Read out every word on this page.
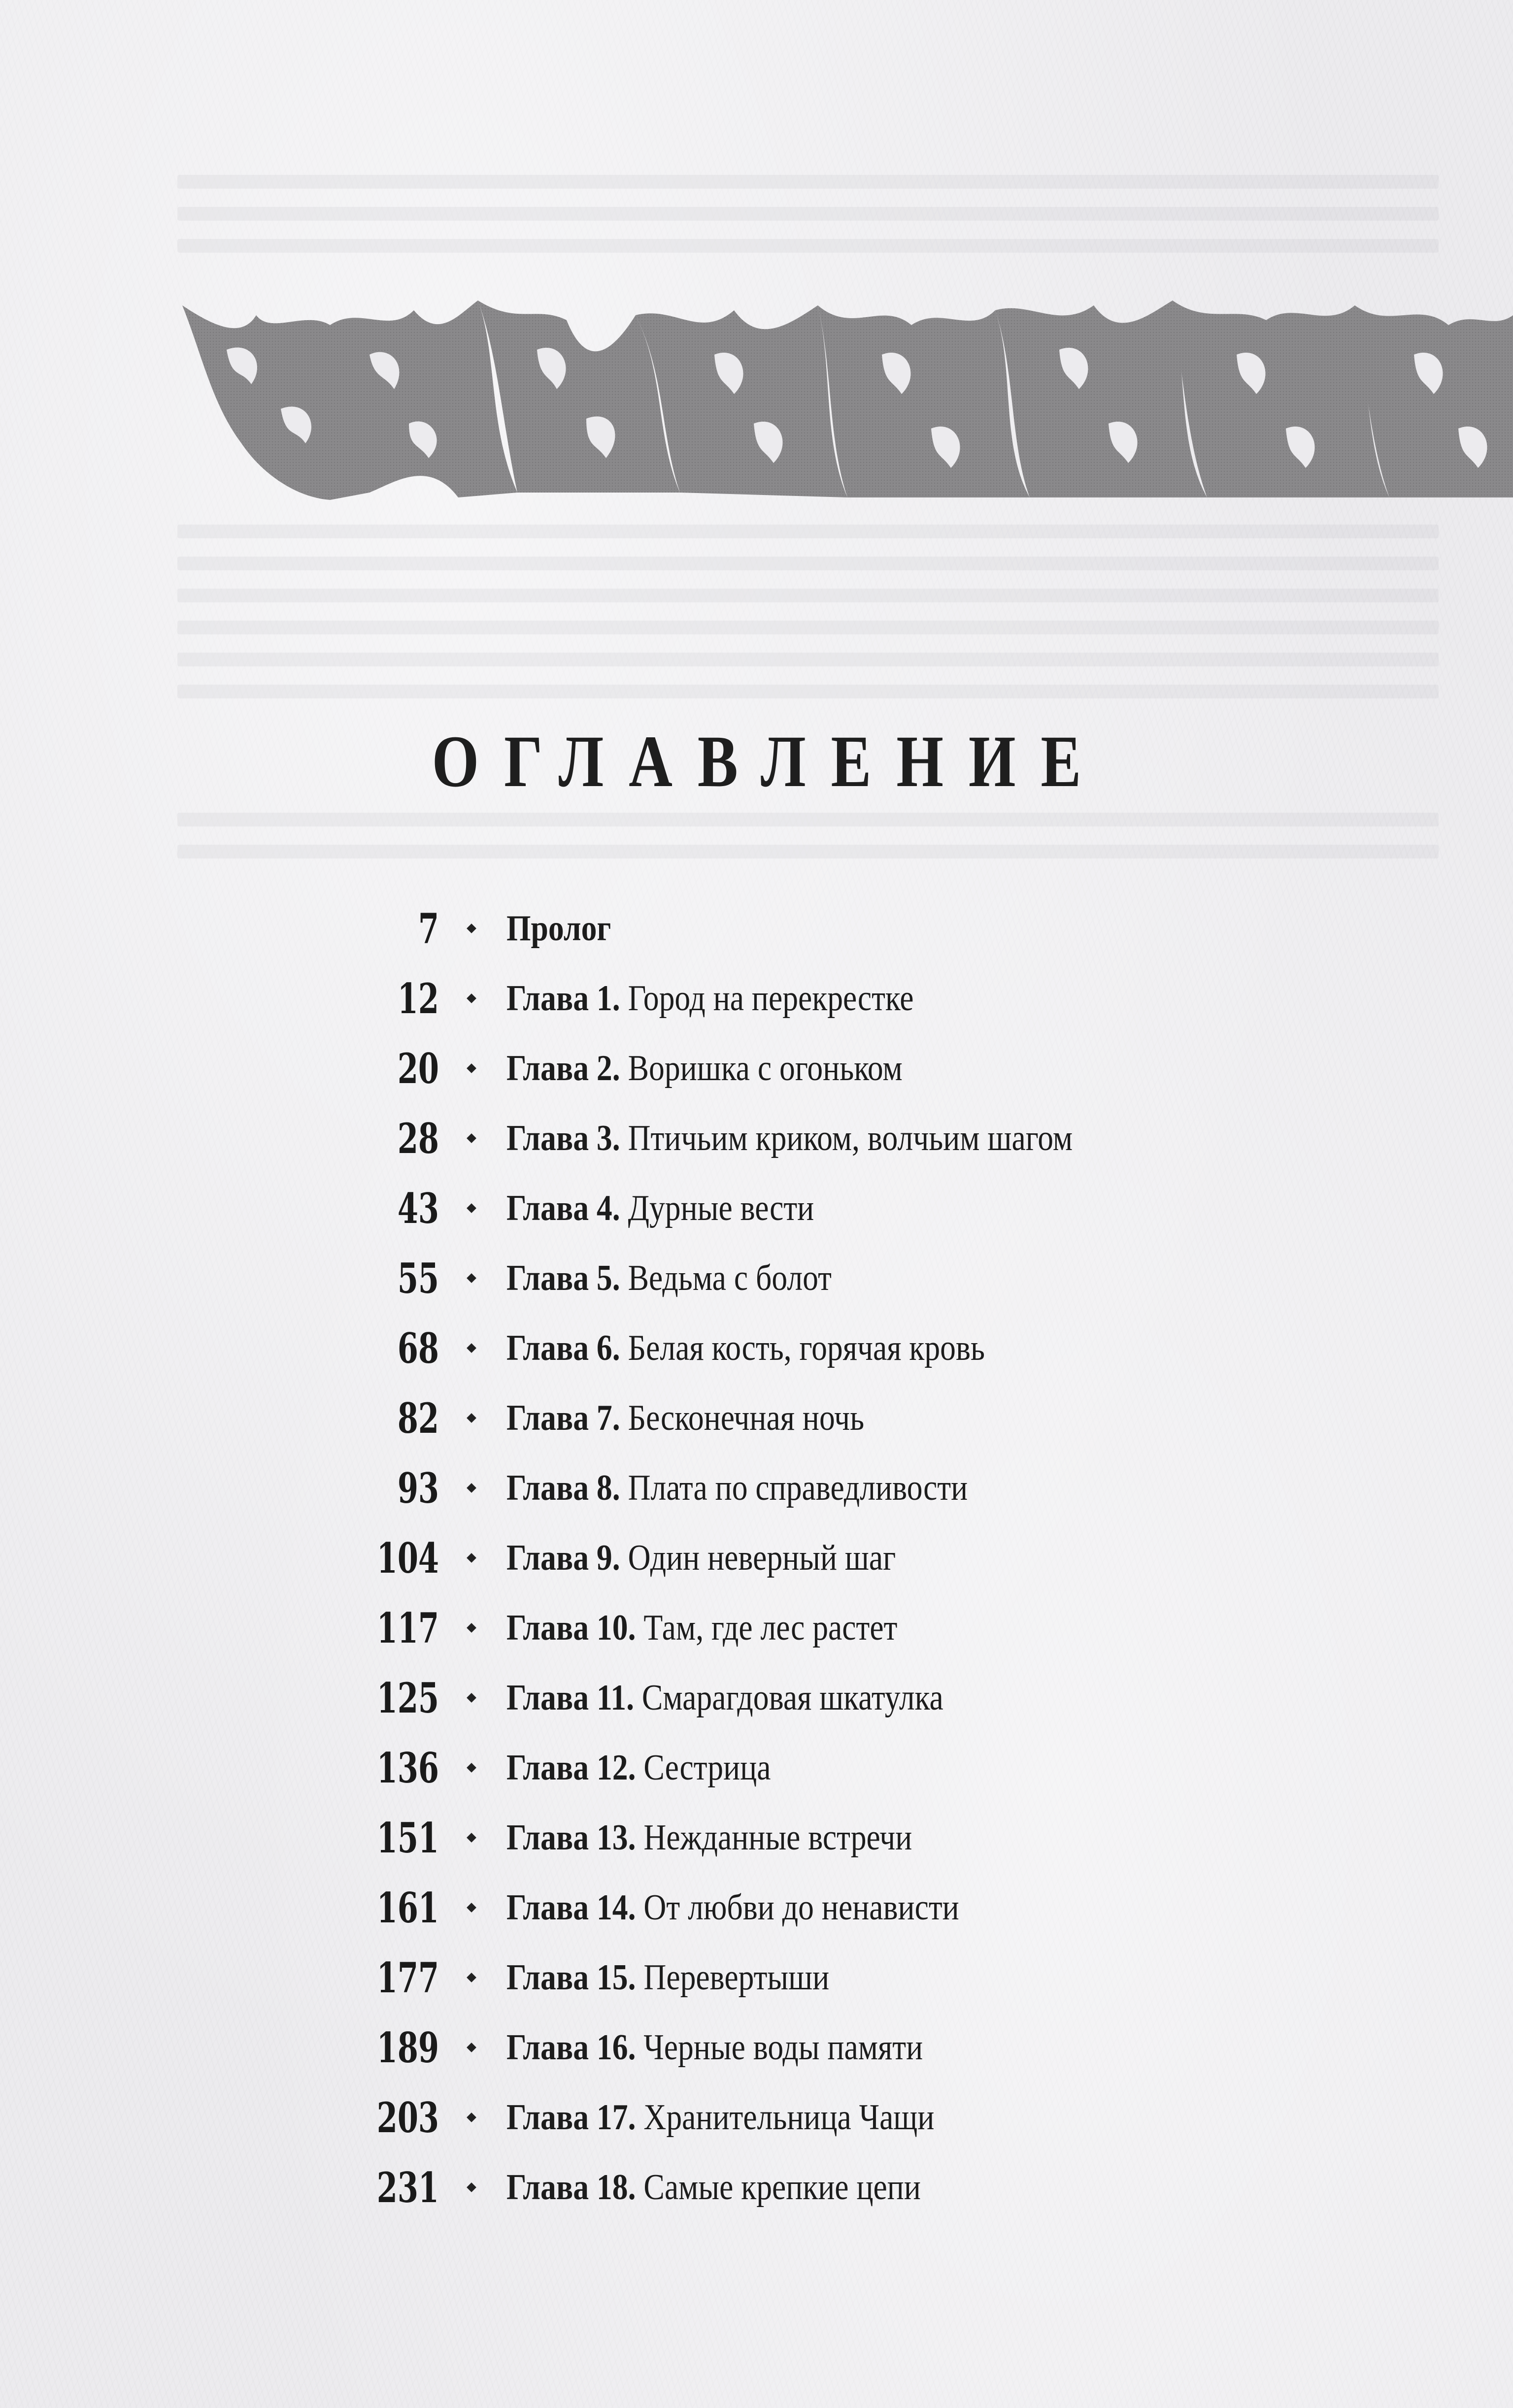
ОГЛАВЛЕНИЕ
7 Пролог
12 Глава 1. Город на перекрестке
20 Глава 2. Воришка с огоньком
28 Глава 3. Птичьим криком, волчьим шагом
43 Глава 4. Дурные вести
55 Глава 5. Ведьма с болот
68 Глава 6. Белая кость, горячая кровь
82 Глава 7. Бесконечная ночь
93 Глава 8. Плата по справедливости
104 Глава 9. Один неверный шаг
117 Глава 10. Там, где лес растет
125 Глава 11. Смарагдовая шкатулка
136 Глава 12. Сестрица
151 Глава 13. Нежданные встречи
161 Глава 14. От любви до ненависти
177 Глава 15. Перевертыши
189 Глава 16. Черные воды памяти
203 Глава 17. Хранительница Чащи
231 Глава 18. Самые крепкие цепи
